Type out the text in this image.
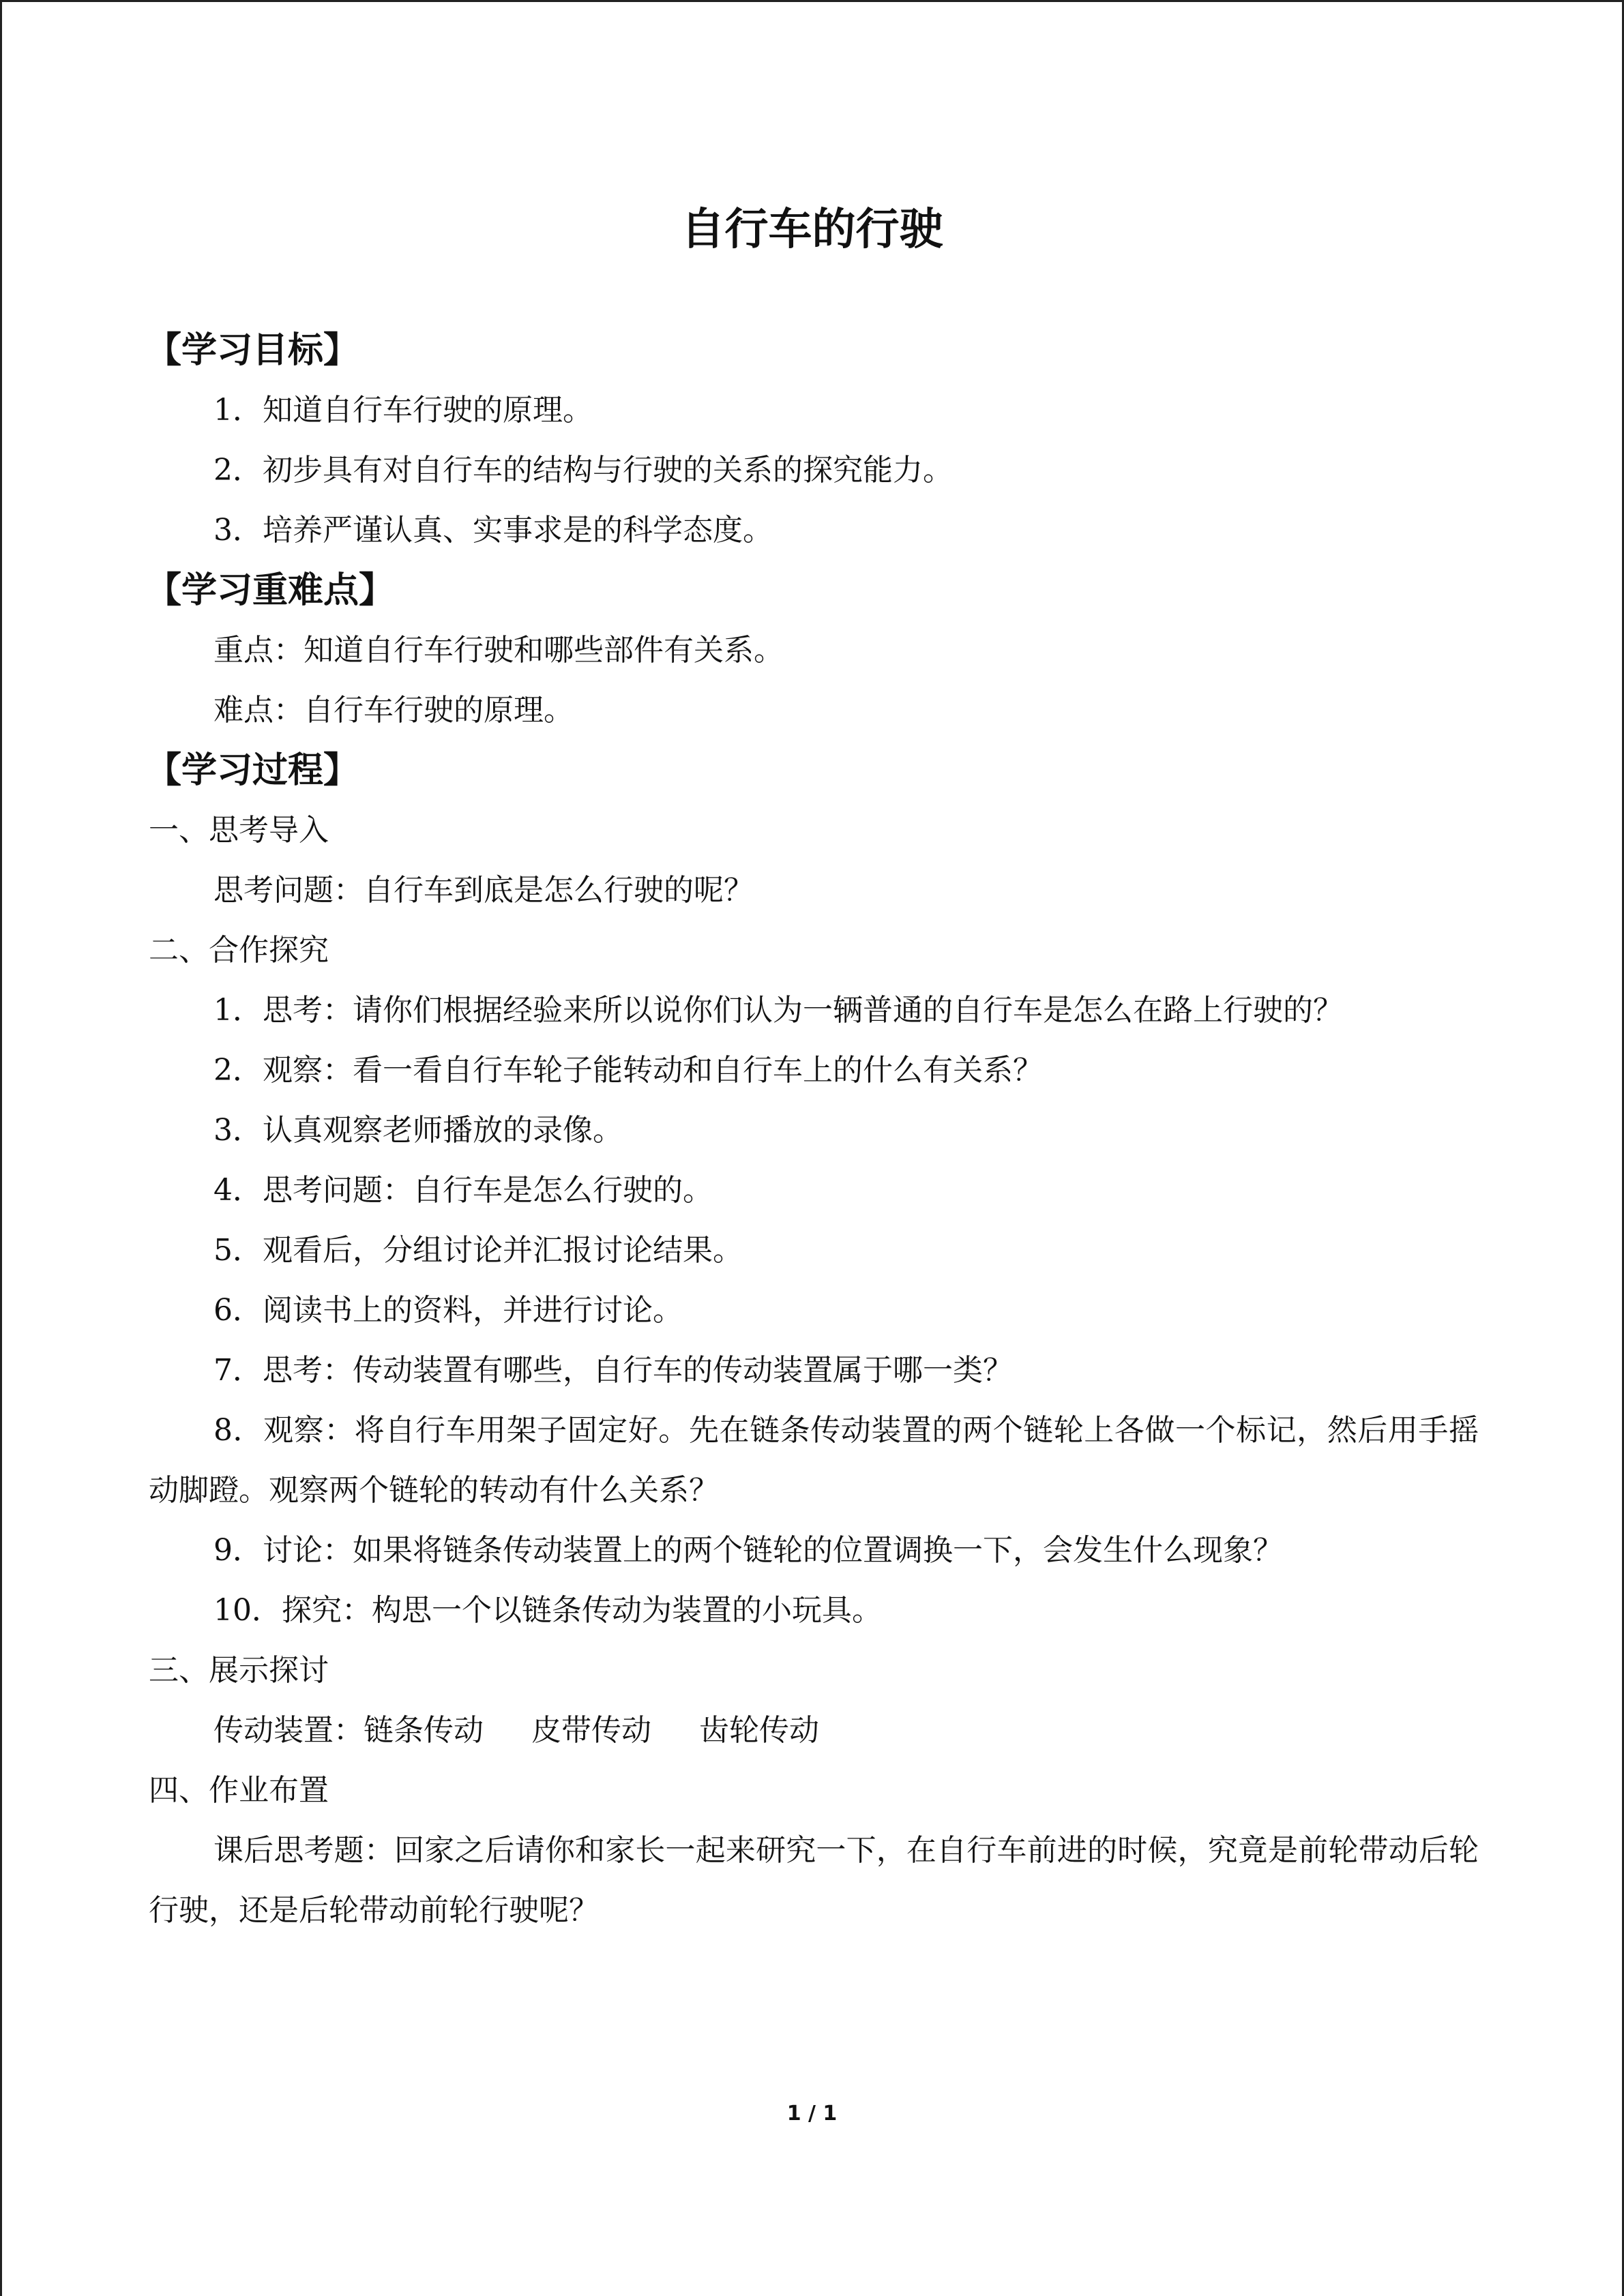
自行车的行驶
【学习目标】
1．知道自行车行驶的原理。
2．初步具有对自行车的结构与行驶的关系的探究能力。
3．培养严谨认真、实事求是的科学态度。
【学习重难点】
重点：知道自行车行驶和哪些部件有关系。
难点：自行车行驶的原理。
【学习过程】
一、思考导入
思考问题：自行车到底是怎么行驶的呢？
二、合作探究
1．思考：请你们根据经验来所以说你们认为一辆普通的自行车是怎么在路上行驶的？
2．观察：看一看自行车轮子能转动和自行车上的什么有关系？
3．认真观察老师播放的录像。
4．思考问题：自行车是怎么行驶的。
5．观看后，分组讨论并汇报讨论结果。
6．阅读书上的资料，并进行讨论。
7．思考：传动装置有哪些，自行车的传动装置属于哪一类？
8．观察：将自行车用架子固定好。先在链条传动装置的两个链轮上各做一个标记，然后用手摇动脚蹬。观察两个链轮的转动有什么关系？
9．讨论：如果将链条传动装置上的两个链轮的位置调换一下，会发生什么现象？
10．探究：构思一个以链条传动为装置的小玩具。
三、展示探讨
传动装置：链条传动 皮带传动 齿轮传动
四、作业布置
课后思考题：回家之后请你和家长一起来研究一下，在自行车前进的时候，究竟是前轮带动后轮行驶，还是后轮带动前轮行驶呢？
1 / 1
